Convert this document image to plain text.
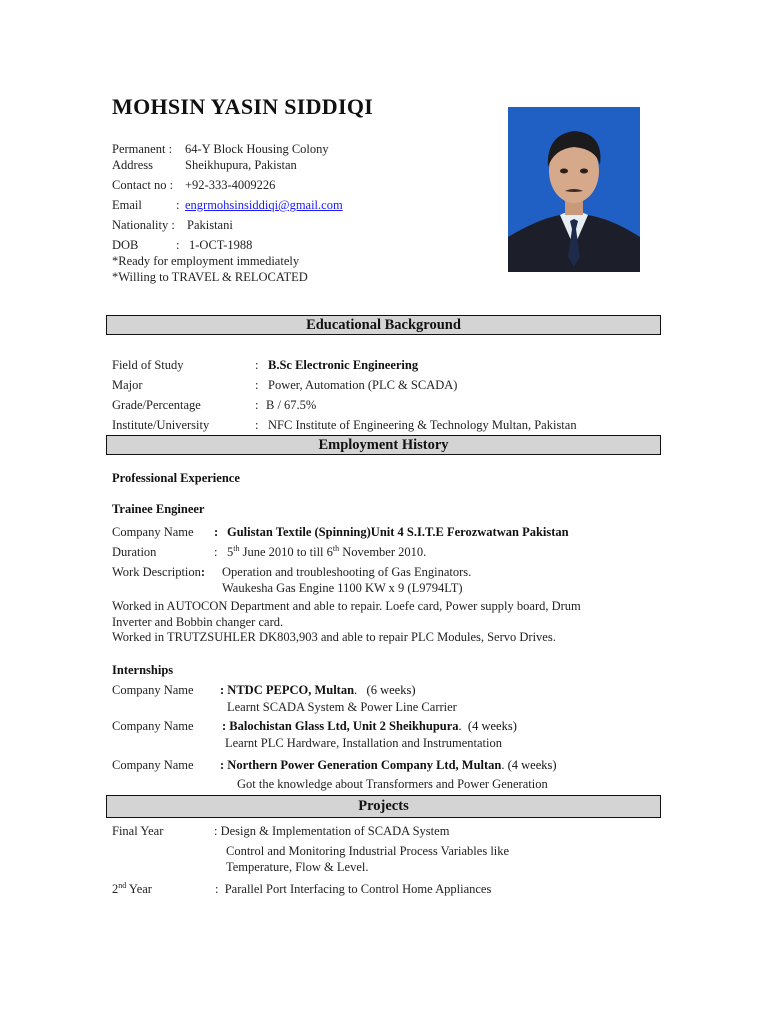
MOHSIN YASIN SIDDIQI
Permanent : 64-Y Block Housing Colony
Address	Sheikhupura, Pakistan
Contact no : +92-333-4009226
Email	: engrmohsinsiddiqi@gmail.com
Nationality : Pakistani
DOB	: 1-OCT-1988
*Ready for employment immediately
*Willing to TRAVEL & RELOCATED
Educational Background
Field of Study	: B.Sc Electronic Engineering
Major	: Power, Automation (PLC & SCADA)
Grade/Percentage	: B / 67.5%
Institute/University	: NFC Institute of Engineering & Technology Multan, Pakistan
Employment History
Professional Experience
Trainee Engineer
Company Name : Gulistan Textile (Spinning)Unit 4 S.I.T.E Ferozwatwan Pakistan
Duration	: 5th June 2010 to till 6th November 2010.
Work Description: Operation and troubleshooting of Gas Enginators.
Waukesha Gas Engine 1100 KW x 9 (L9794LT)
Worked in AUTOCON Department and able to repair. Loefe card, Power supply board, Drum
Inverter and Bobbin changer card.
Worked in TRUTZSUHLER DK803,903 and able to repair PLC Modules, Servo Drives.
Internships
Company Name : NTDC PEPCO, Multan.   (6 weeks)
Learnt SCADA System & Power Line Carrier
Company Name : Balochistan Glass Ltd, Unit 2 Sheikhupura.  (4 weeks)
Learnt PLC Hardware, Installation and Instrumentation
Company Name : Northern Power Generation Company Ltd, Multan. (4 weeks)
Got the knowledge about Transformers and Power Generation
Projects
Final Year	: Design & Implementation of SCADA System
Control and Monitoring Industrial Process Variables like
Temperature, Flow & Level.
2nd Year	:  Parallel Port Interfacing to Control Home Appliances
